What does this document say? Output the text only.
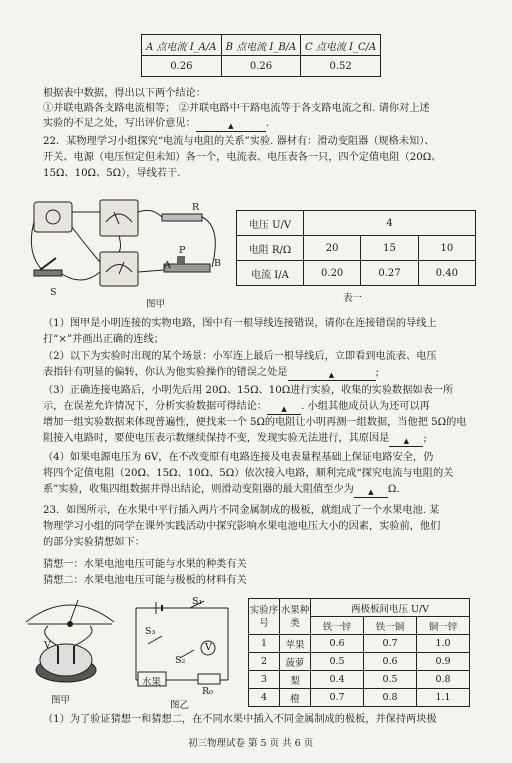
A 点电流 I_A/A	B 点电流 I_B/A	C 点电流 I_C/A
0.26	0.26	0.52
根据表中数据，得出以下两个结论：
①并联电路各支路电流相等； ②并联电路中干路电流等于各支路电流之和. 请你对上述
实验的不足之处，写出评价意见：	▲	.
22．某物理学习小组探究“电流与电阻的关系”实验. 器材有：滑动变阻器（规格未知）、
开关、电源（电压恒定但未知）各一个，电流表、电压表各一只，四个定值电阻（20Ω、
15Ω、10Ω、5Ω），导线若干.
R
P
A	B
S
图甲
电压 U/V	4		
电阻 R/Ω	20	15	10
电流 I/A	0.20	0.27	0.40
表一
（1）图甲是小明连接的实物电路，图中有一根导线连接错误，请你在连接错误的导线上
打“×”并画出正确的连线；
（2）以下为实验时出现的某个场景：小军连上最后一根导线后，立即看到电流表、电压
表指针有明显的偏转，你认为他实验操作的错误之处是	▲	;
（3）正确连接电路后，小明先后用 20Ω、15Ω、10Ω进行实验，收集的实验数据如表一所
示，在误差允许情况下，分析实验数据可得结论： ▲ . 小组其他成员认为还可以再
增加一组实验数据来体现普遍性，便找来一个 5Ω的电阻让小明再测一组数据，当他把 5Ω的电
阻接入电路时，要使电压表示数继续保持不变，发现实验无法进行，其原因是 ▲ ;
（4）如果电源电压为 6V，在不改变原有电路连接及电表量程基础上保证电路安全，仍
将四个定值电阻（20Ω、15Ω、10Ω、5Ω）依次接入电路，顺利完成“探究电流与电阻的关
系”实验，收集四组数据并得出结论，则滑动变阻器的最大阻值至少为 ▲ Ω.
23．如图所示，在水果中平行插入两片不同金属制成的极板，就组成了一个水果电池. 某
物理学习小组的同学在课外实践活动中探究影响水果电池电压大小的因素，实验前，他们
的部分实验猜想如下：
猜想一：水果电池电压可能与水果的种类有关
猜想二：水果电池电压可能与极板的材料有关
V
图甲
S₁
S₃
S₂
V
水果
R₀
图乙
实验序号	水果种类	两极板间电压 U/V		
		铁一锌	铁一铜	铜一锌
1	苹果	0.6	0.7	1.0
2	菠萝	0.5	0.6	0.9
3	梨	0.4	0.5	0.8
4	橙	0.7	0.8	1.1
（1）为了验证猜想一和猜想二，在不同水果中插入不同金属制成的极板，并保持两块极
初三物理试卷 第 5 页 共 6 页
